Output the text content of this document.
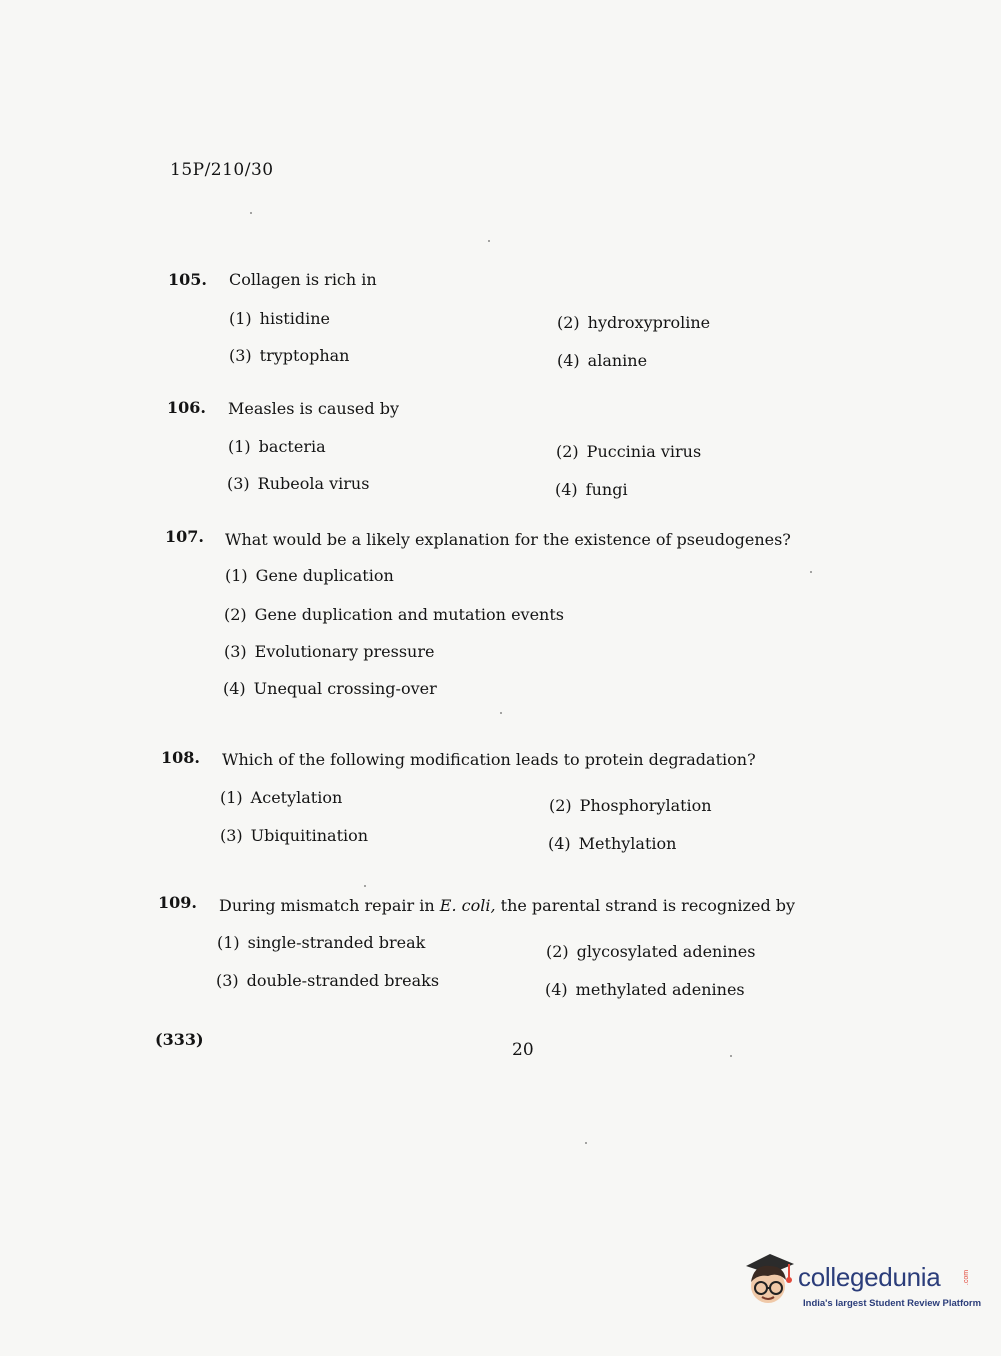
15P/210/30
105. Collagen is rich in
(1) histidine	(2) hydroxyproline
(3) tryptophan	(4) alanine
106. Measles is caused by
(1) bacteria	(2) Puccinia virus
(3) Rubeola virus	(4) fungi
107. What would be a likely explanation for the existence of pseudogenes?
(1) Gene duplication
(2) Gene duplication and mutation events
(3) Evolutionary pressure
(4) Unequal crossing-over
108. Which of the following modification leads to protein degradation?
(1) Acetylation	(2) Phosphorylation
(3) Ubiquitination	(4) Methylation
109. During mismatch repair in E. coli, the parental strand is recognized by
(1) single-stranded break	(2) glycosylated adenines
(3) double-stranded breaks	(4) methylated adenines
(333)
20
collegedunia	.com
India's largest Student Review Platform
